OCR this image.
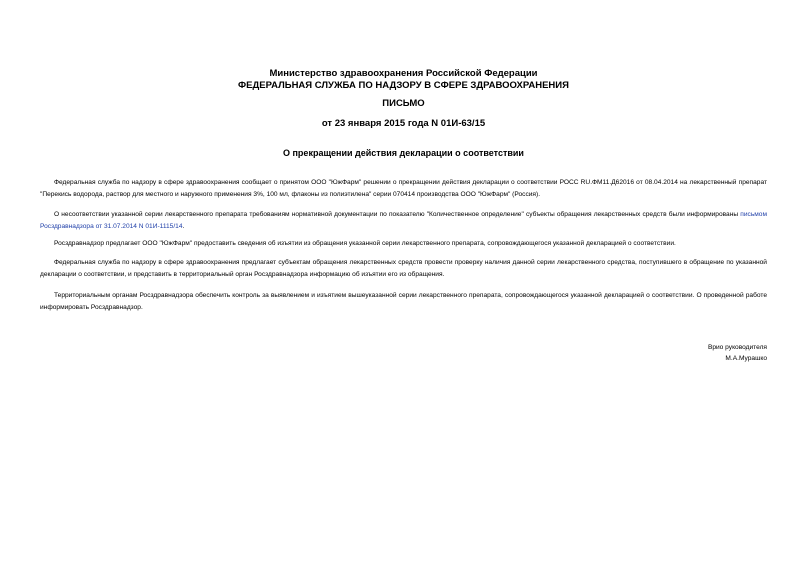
Министерство здравоохранения Российской Федерации
ФЕДЕРАЛЬНАЯ СЛУЖБА ПО НАДЗОРУ В СФЕРЕ ЗДРАВООХРАНЕНИЯ
ПИСЬМО
от 23 января 2015 года N 01И-63/15
О прекращении действия декларации о соответствии

Федеральная служба по надзору в сфере здравоохранения сообщает о принятом ООО "ЮжФарм" решении о прекращении действия декларации о соответствии РОСС RU.ФМ11.Д62016 от 08.04.2014 на лекарственный препарат "Перекись водорода, раствор для местного и наружного применения 3%, 100 мл, флаконы из полиэтилена" серии 070414 производства ООО "ЮжФарм" (Россия).

О несоответствии указанной серии лекарственного препарата требованиям нормативной документации по показателю "Количественное определение" субъекты обращения лекарственных средств были информированы письмом Росздравнадзора от 31.07.2014 N 01И-1115/14.

Росздравнадзор предлагает ООО "ЮжФарм" предоставить сведения об изъятии из обращения указанной серии лекарственного препарата, сопровождающегося указанной декларацией о соответствии.

Федеральная служба по надзору в сфере здравоохранения предлагает субъектам обращения лекарственных средств провести проверку наличия данной серии лекарственного средства, поступившего в обращение по указанной декларации о соответствии, и представить в территориальный орган Росздравнадзора информацию об изъятии его из обращения.

Территориальным органам Росздравнадзора обеспечить контроль за выявлением и изъятием вышеуказанной серии лекарственного препарата, сопровождающегося указанной декларацией о соответствии. О проведенной работе информировать Росздравнадзор.

Врио руководителя
М.А.Мурашко
